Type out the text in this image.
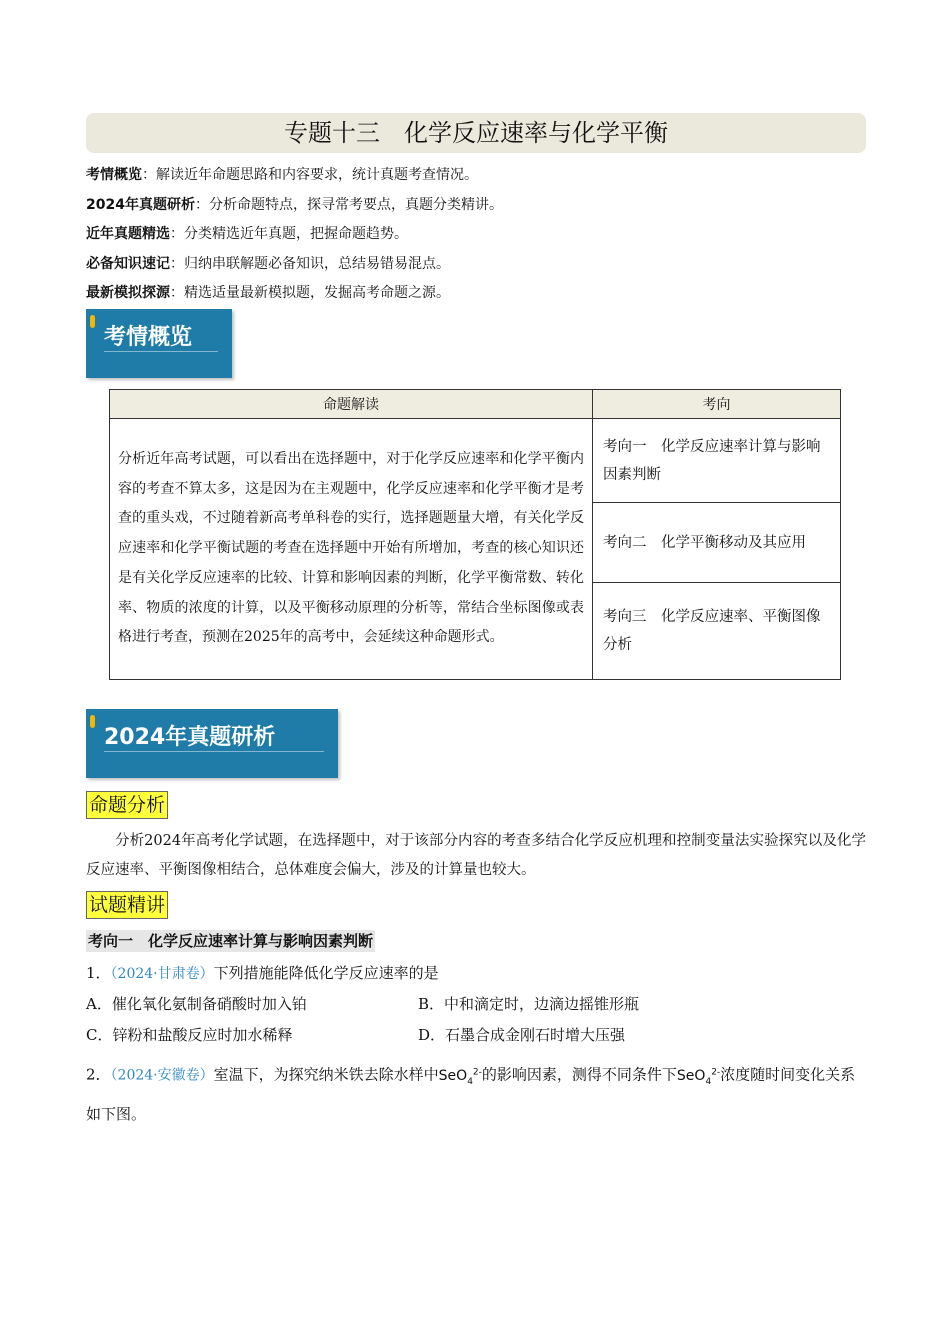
专题十三　化学反应速率与化学平衡
考情概览：解读近年命题思路和内容要求，统计真题考查情况。
2024年真题研析：分析命题特点，探寻常考要点，真题分类精讲。
近年真题精选：分类精选近年真题，把握命题趋势。
必备知识速记：归纳串联解题必备知识，总结易错易混点。
最新模拟探源：精选适量最新模拟题，发掘高考命题之源。
考情概览
命题解读	考向
分析近年高考试题，可以看出在选择题中，对于化学反应速率和化学平衡内容的考查不算太多，这是因为在主观题中，化学反应速率和化学平衡才是考查的重头戏，不过随着新高考单科卷的实行，选择题题量大增，有关化学反应速率和化学平衡试题的考查在选择题中开始有所增加，考查的核心知识还是有关化学反应速率的比较、计算和影响因素的判断，化学平衡常数、转化率、物质的浓度的计算，以及平衡移动原理的分析等，常结合坐标图像或表格进行考查，预测在2025年的高考中，会延续这种命题形式。	考向一　化学反应速率计算与影响因素判断
	考向二　化学平衡移动及其应用
	考向三　化学反应速率、平衡图像分析
2024年真题研析
命题分析
分析2024年高考化学试题，在选择题中，对于该部分内容的考查多结合化学反应机理和控制变量法实验探究以及化学反应速率、平衡图像相结合，总体难度会偏大，涉及的计算量也较大。
试题精讲
考向一　化学反应速率计算与影响因素判断
1．（2024·甘肃卷）下列措施能降低化学反应速率的是
A．催化氧化氨制备硝酸时加入铂	B．中和滴定时，边滴边摇锥形瓶
C．锌粉和盐酸反应时加水稀释	D．石墨合成金刚石时增大压强
2．（2024·安徽卷）室温下，为探究纳米铁去除水样中SeO$_4^{2-}$的影响因素，测得不同条件下SeO$_4^{2-}$浓度随时间变化关系如下图。
